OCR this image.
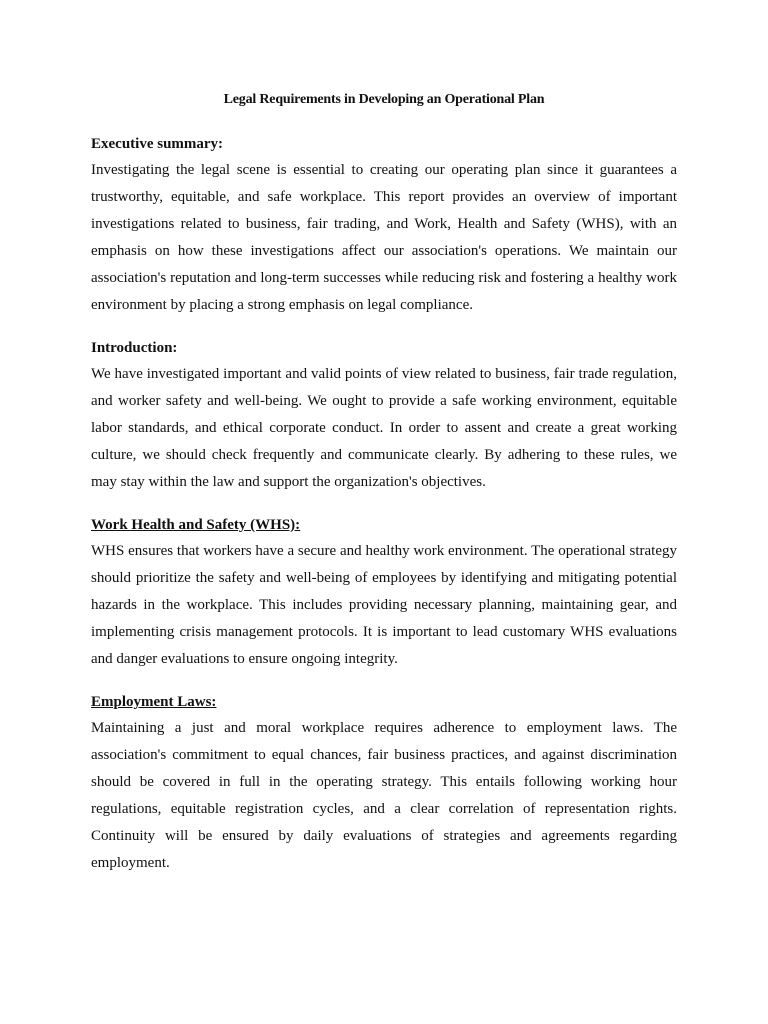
Legal Requirements in Developing an Operational Plan
Executive summary:

Investigating the legal scene is essential to creating our operating plan since it guarantees a trustworthy, equitable, and safe workplace. This report provides an overview of important investigations related to business, fair trading, and Work, Health and Safety (WHS), with an emphasis on how these investigations affect our association's operations. We maintain our association's reputation and long-term successes while reducing risk and fostering a healthy work environment by placing a strong emphasis on legal compliance.

Introduction:

We have investigated important and valid points of view related to business, fair trade regulation, and worker safety and well-being. We ought to provide a safe working environment, equitable labor standards, and ethical corporate conduct. In order to assent and create a great working culture, we should check frequently and communicate clearly. By adhering to these rules, we may stay within the law and support the organization's objectives.

Work Health and Safety (WHS):

WHS ensures that workers have a secure and healthy work environment. The operational strategy should prioritize the safety and well-being of employees by identifying and mitigating potential hazards in the workplace. This includes providing necessary planning, maintaining gear, and implementing crisis management protocols. It is important to lead customary WHS evaluations and danger evaluations to ensure ongoing integrity.

Employment Laws:

Maintaining a just and moral workplace requires adherence to employment laws. The association's commitment to equal chances, fair business practices, and against discrimination should be covered in full in the operating strategy. This entails following working hour regulations, equitable registration cycles, and a clear correlation of representation rights. Continuity will be ensured by daily evaluations of strategies and agreements regarding employment.
